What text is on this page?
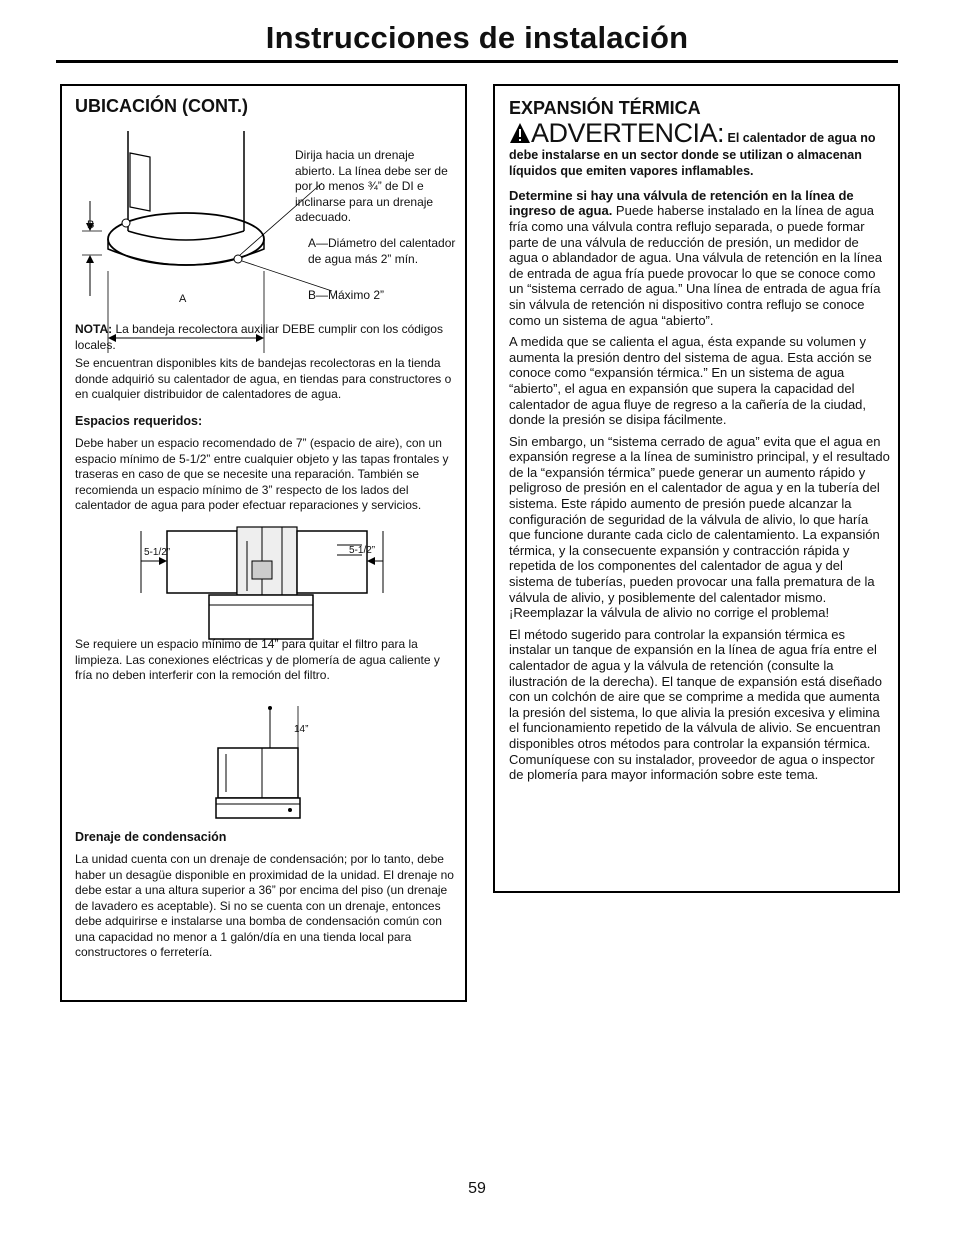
Instrucciones de instalación
UBICACIÓN (CONT.)
B
A
Dirija hacia un drenaje abierto. La línea debe ser de por lo menos ¾” de DI e inclinarse para un drenaje adecuado.
A—Diámetro del calentador de agua más 2” mín.
B—Máximo 2”
NOTA: La bandeja recolectora auxiliar DEBE cumplir con los códigos locales.
Se encuentran disponibles kits de bandejas recolectoras en la tienda donde adquirió su calentador de agua, en tiendas para constructores o en cualquier distribuidor de calentadores de agua.
Espacios requeridos:
Debe haber un espacio recomendado de 7” (espacio de aire), con un espacio mínimo de 5-1/2” entre cualquier objeto y las tapas frontales y traseras en caso de que se necesite una reparación. También se recomienda un espacio mínimo de 3” respecto de los lados del calentador de agua para poder efectuar reparaciones y servicios.
5-1/2”	5-1/2”
Se requiere un espacio mínimo de 14” para quitar el filtro para la limpieza. Las conexiones eléctricas y de plomería de agua caliente y fría no deben interferir con la remoción del filtro.
14”
Drenaje de condensación
La unidad cuenta con un drenaje de condensación; por lo tanto, debe haber un desagüe disponible en proximidad de la unidad. El drenaje no debe estar a una altura superior a 36” por encima del piso (un drenaje de lavadero es aceptable). Si no se cuenta con un drenaje, entonces debe adquirirse e instalarse una bomba de condensación común con una capacidad no menor a 1 galón/día en una tienda local para constructores o ferretería.
EXPANSIÓN TÉRMICA

ADVERTENCIA: El calentador de agua no debe instalarse en un sector donde se utilizan o almacenan líquidos que emiten vapores inflamables.

Determine si hay una válvula de retención en la línea de ingreso de agua. Puede haberse instalado en la línea de agua fría como una válvula contra reflujo separada, o puede formar parte de una válvula de reducción de presión, un medidor de agua o ablandador de agua. Una válvula de retención en la línea de entrada de agua fría puede provocar lo que se conoce como un “sistema cerrado de agua.” Una línea de entrada de agua fría sin válvula de retención ni dispositivo contra reflujo se conoce como un sistema de agua “abierto”.

A medida que se calienta el agua, ésta expande su volumen y aumenta la presión dentro del sistema de agua. Esta acción se conoce como “expansión térmica.” En un sistema de agua “abierto”, el agua en expansión que supera la capacidad del calentador de agua fluye de regreso a la cañería de la ciudad, donde la presión se disipa fácilmente.

Sin embargo, un “sistema cerrado de agua” evita que el agua en expansión regrese a la línea de suministro principal, y el resultado de la “expansión térmica” puede generar un aumento rápido y peligroso de presión en el calentador de agua y en la tubería del sistema. Este rápido aumento de presión puede alcanzar la configuración de seguridad de la válvula de alivio, lo que haría que funcione durante cada ciclo de calentamiento. La expansión térmica, y la consecuente expansión y contracción rápida y repetida de los componentes del calentador de agua y del sistema de tuberías, pueden provocar una falla prematura de la válvula de alivio, y posiblemente del calentador mismo. ¡Reemplazar la válvula de alivio no corrige el problema!

El método sugerido para controlar la expansión térmica es instalar un tanque de expansión en la línea de agua fría entre el calentador de agua y la válvula de retención (consulte la ilustración de la derecha). El tanque de expansión está diseñado con un colchón de aire que se comprime a medida que aumenta la presión del sistema, lo que alivia la presión excesiva y elimina el funcionamiento repetido de la válvula de alivio. Se encuentran disponibles otros métodos para controlar la expansión térmica. Comuníquese con su instalador, proveedor de agua o inspector de plomería para mayor información sobre este tema.

59
